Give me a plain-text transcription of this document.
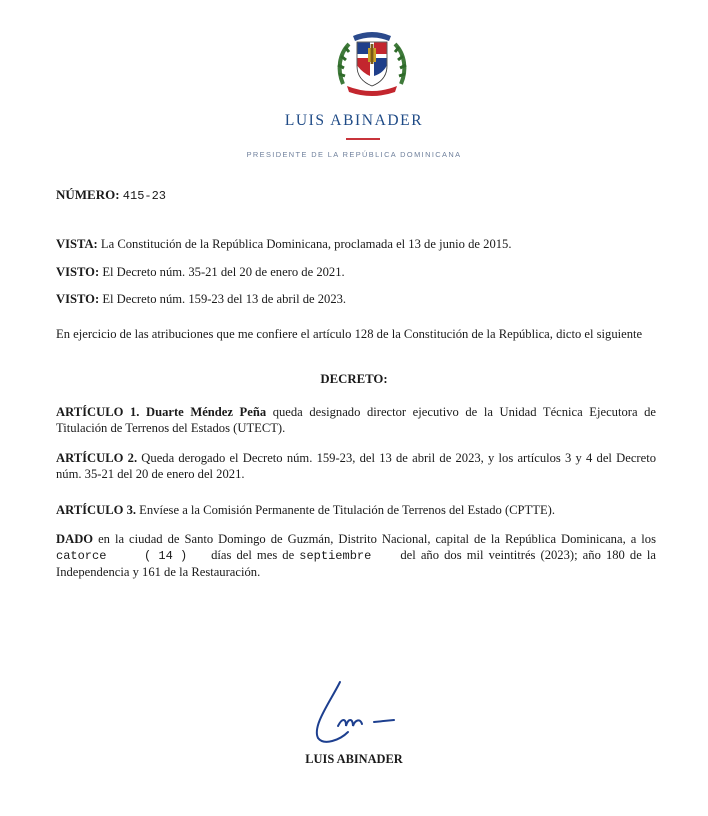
LUIS ABINADER
PRESIDENTE DE LA REPÚBLICA DOMINICANA
NÚMERO: 415-23
VISTA: La Constitución de la República Dominicana, proclamada el 13 de junio de 2015.
VISTO: El Decreto núm. 35-21 del 20 de enero de 2021.
VISTO: El Decreto núm. 159-23 del 13 de abril de 2023.
En ejercicio de las atribuciones que me confiere el artículo 128 de la Constitución de la República, dicto el siguiente
DECRETO:
ARTÍCULO 1. Duarte Méndez Peña queda designado director ejecutivo de la Unidad Técnica Ejecutora de Titulación de Terrenos del Estados (UTECT).
ARTÍCULO 2. Queda derogado el Decreto núm. 159-23, del 13 de abril de 2023, y los artículos 3 y 4 del Decreto núm. 35-21 del 20 de enero del 2021.
ARTÍCULO 3. Envíese a la Comisión Permanente de Titulación de Terrenos del Estado (CPTTE).
DADO en la ciudad de Santo Domingo de Guzmán, Distrito Nacional, capital de la República Dominicana, a los catorce	( 14 ) días del mes de septiembre del año dos mil veintitrés (2023); año 180 de la Independencia y 161 de la Restauración.
LUIS ABINADER
